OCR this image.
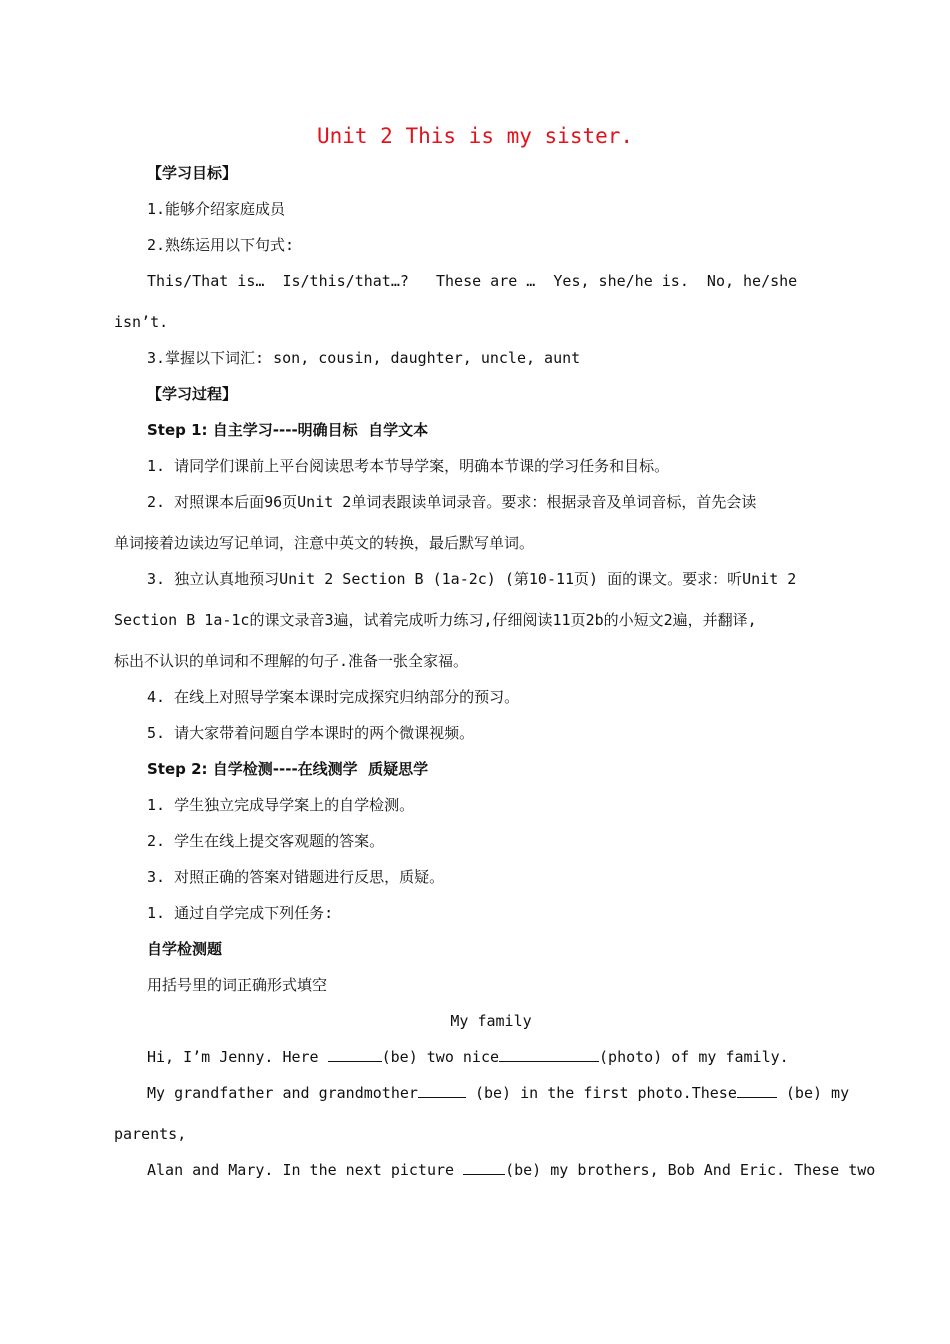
Unit 2 This is my sister.
【学习目标】
1.能够介绍家庭成员
2.熟练运用以下句式:
This/That is…  Is/this/that…?   These are …  Yes, she/he is.  No, he/she
isn’t.
3.掌握以下词汇: son, cousin, daughter, uncle, aunt
【学习过程】
Step 1: 自主学习----明确目标  自学文本
1. 请同学们课前上平台阅读思考本节导学案，明确本节课的学习任务和目标。
2. 对照课本后面96页Unit 2单词表跟读单词录音。要求：根据录音及单词音标，首先会读
单词接着边读边写记单词，注意中英文的转换，最后默写单词。
3. 独立认真地预习Unit 2 Section B (1a-2c) (第10-11页) 面的课文。要求：听Unit 2
Section B 1a-1c的课文录音3遍，试着完成听力练习,仔细阅读11页2b的小短文2遍，并翻译,
标出不认识的单词和不理解的句子.准备一张全家福。
4. 在线上对照导学案本课时完成探究归纳部分的预习。
5. 请大家带着问题自学本课时的两个微课视频。
Step 2: 自学检测----在线测学  质疑思学
1. 学生独立完成导学案上的自学检测。
2. 学生在线上提交客观题的答案。
3. 对照正确的答案对错题进行反思，质疑。
1. 通过自学完成下列任务:
自学检测题
用括号里的词正确形式填空
My family
Hi, I’m Jenny. Here	(be) two nice	(photo) of my family.
My grandfather and grandmother	(be) in the first photo.These	(be) my
parents,
Alan and Mary. In the next picture	(be) my brothers, Bob And Eric. These two
